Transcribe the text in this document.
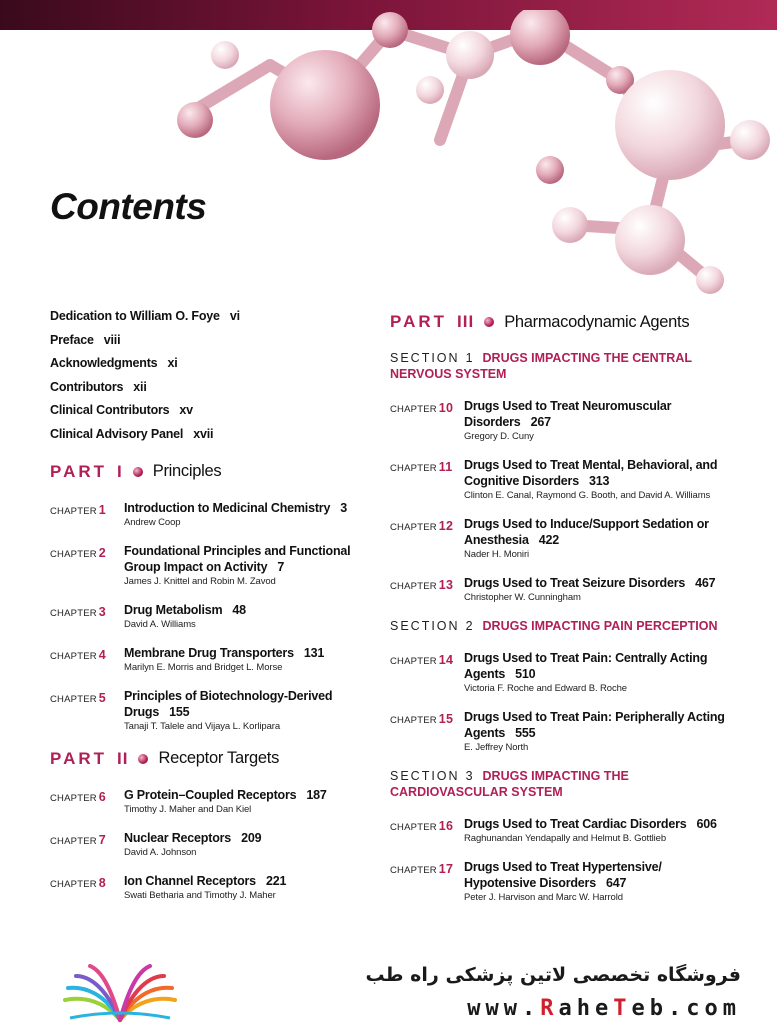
Contents
Dedication to William O. Foye vi
Preface viii
Acknowledgments xi
Contributors xii
Clinical Contributors xv
Clinical Advisory Panel xvii
PART I Principles
CHAPTER 1	Introduction to Medicinal Chemistry 3
Andrew Coop
CHAPTER 2	Foundational Principles and Functional Group Impact on Activity 7
James J. Knittel and Robin M. Zavod
CHAPTER 3	Drug Metabolism 48
David A. Williams
CHAPTER 4	Membrane Drug Transporters 131
Marilyn E. Morris and Bridget L. Morse
CHAPTER 5	Principles of Biotechnology-Derived Drugs 155
Tanaji T. Talele and Vijaya L. Korlipara
PART II Receptor Targets
CHAPTER 6	G Protein–Coupled Receptors 187
Timothy J. Maher and Dan Kiel
CHAPTER 7	Nuclear Receptors 209
David A. Johnson
CHAPTER 8	Ion Channel Receptors 221
Swati Betharia and Timothy J. Maher
PART III Pharmacodynamic Agents
SECTION 1 DRUGS IMPACTING THE CENTRAL NERVOUS SYSTEM
CHAPTER 10 Drugs Used to Treat Neuromuscular Disorders 267
Gregory D. Cuny
CHAPTER 11 Drugs Used to Treat Mental, Behavioral, and Cognitive Disorders 313
Clinton E. Canal, Raymond G. Booth, and David A. Williams
CHAPTER 12 Drugs Used to Induce/Support Sedation or Anesthesia 422
Nader H. Moniri
CHAPTER 13 Drugs Used to Treat Seizure Disorders 467
Christopher W. Cunningham
SECTION 2 DRUGS IMPACTING PAIN PERCEPTION
CHAPTER 14 Drugs Used to Treat Pain: Centrally Acting Agents 510
Victoria F. Roche and Edward B. Roche
CHAPTER 15 Drugs Used to Treat Pain: Peripherally Acting Agents 555
E. Jeffrey North
SECTION 3 DRUGS IMPACTING THE CARDIOVASCULAR SYSTEM
CHAPTER 16 Drugs Used to Treat Cardiac Disorders 606
Raghunandan Yendapally and Helmut B. Gottlieb
CHAPTER 17 Drugs Used to Treat Hypertensive/ Hypotensive Disorders 647
Peter J. Harvison and Marc W. Harrold
فروشگاه تخصصی لاتین پزشکی راه طب
www.RaheTeb.com
